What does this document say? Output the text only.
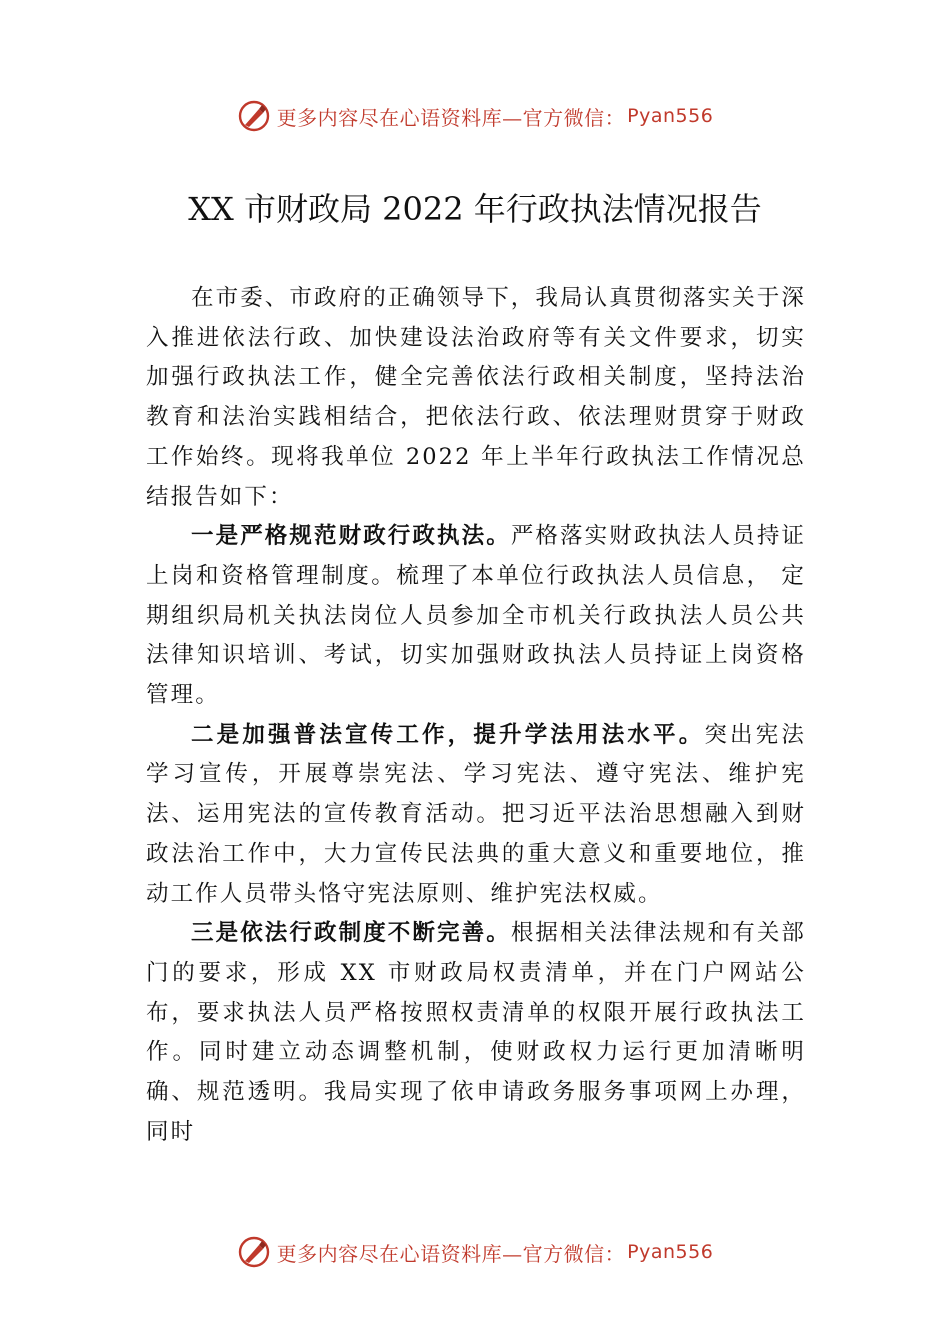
更多内容尽在心语资料库—官方微信： Pyan556
XX 市财政局 2022 年行政执法情况报告

在市委、市政府的正确领导下，我局认真贯彻落实关于深入推进依法行政、加快建设法治政府等有关文件要求，切实加强行政执法工作，健全完善依法行政相关制度，坚持法治教育和法治实践相结合，把依法行政、依法理财贯穿于财政工作始终。现将我单位 2022 年上半年行政执法工作情况总结报告如下：

一是严格规范财政行政执法。严格落实财政执法人员持证上岗和资格管理制度。梳理了本单位行政执法人员信息， 定期组织局机关执法岗位人员参加全市机关行政执法人员公共法律知识培训、考试，切实加强财政执法人员持证上岗资格管理。

二是加强普法宣传工作，提升学法用法水平。突出宪法学习宣传，开展尊崇宪法、学习宪法、遵守宪法、维护宪法、运用宪法的宣传教育活动。把习近平法治思想融入到财政法治工作中，大力宣传民法典的重大意义和重要地位，推动工作人员带头恪守宪法原则、维护宪法权威。

三是依法行政制度不断完善。根据相关法律法规和有关部门的要求，形成 XX 市财政局权责清单，并在门户网站公布，要求执法人员严格按照权责清单的权限开展行政执法工作。同时建立动态调整机制，使财政权力运行更加清晰明确、规范透明。我局实现了依申请政务服务事项网上办理，同时

更多内容尽在心语资料库—官方微信： Pyan556
